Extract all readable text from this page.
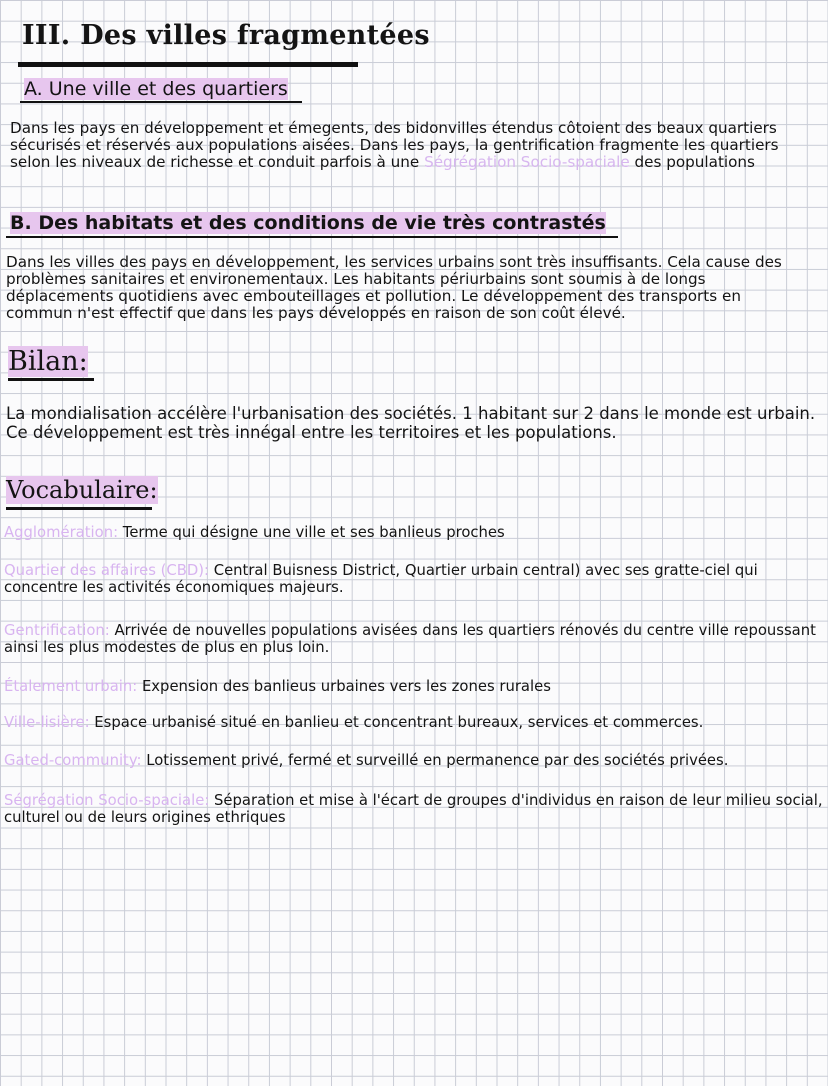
III. Des villes fragmentées
A. Une ville et des quartiers
Dans les pays en développement et émegents, des bidonvilles étendus côtoient des beaux quartiers sécurisés et réservés aux populations aisées. Dans les pays, la gentrification fragmente les quartiers selon les niveaux de richesse et conduit parfois à une Ségrégation Socio-spaciale des populations
B. Des habitats et des conditions de vie très contrastés
Dans les villes des pays en développement, les services urbains sont très insuffisants. Cela cause des problèmes sanitaires et environementaux. Les habitants périurbains sont soumis à de longs déplacements quotidiens avec embouteillages et pollution. Le développement des transports en commun n'est effectif que dans les pays développés en raison de son coût élevé.
Bilan:
La mondialisation accélère l'urbanisation des sociétés. 1 habitant sur 2 dans le monde est urbain. Ce développement est très innégal entre les territoires et les populations.
Vocabulaire:
Agglomération: Terme qui désigne une ville et ses banlieus proches
Quartier des affaires (CBD): Central Buisness District, Quartier urbain central) avec ses gratte-ciel qui concentre les activités économiques majeurs.
Gentrification: Arrivée de nouvelles populations avisées dans les quartiers rénovés du centre ville repoussant ainsi les plus modestes de plus en plus loin.
Étalement urbain: Expension des banlieus urbaines vers les zones rurales
Ville-lisière: Espace urbanisé situé en banlieu et concentrant bureaux, services et commerces.
Gated-community: Lotissement privé, fermé et surveillé en permanence par des sociétés privées.
Ségrégation Socio-spaciale: Séparation et mise à l'écart de groupes d'individus en raison de leur milieu social, culturel ou de leurs origines ethriques
